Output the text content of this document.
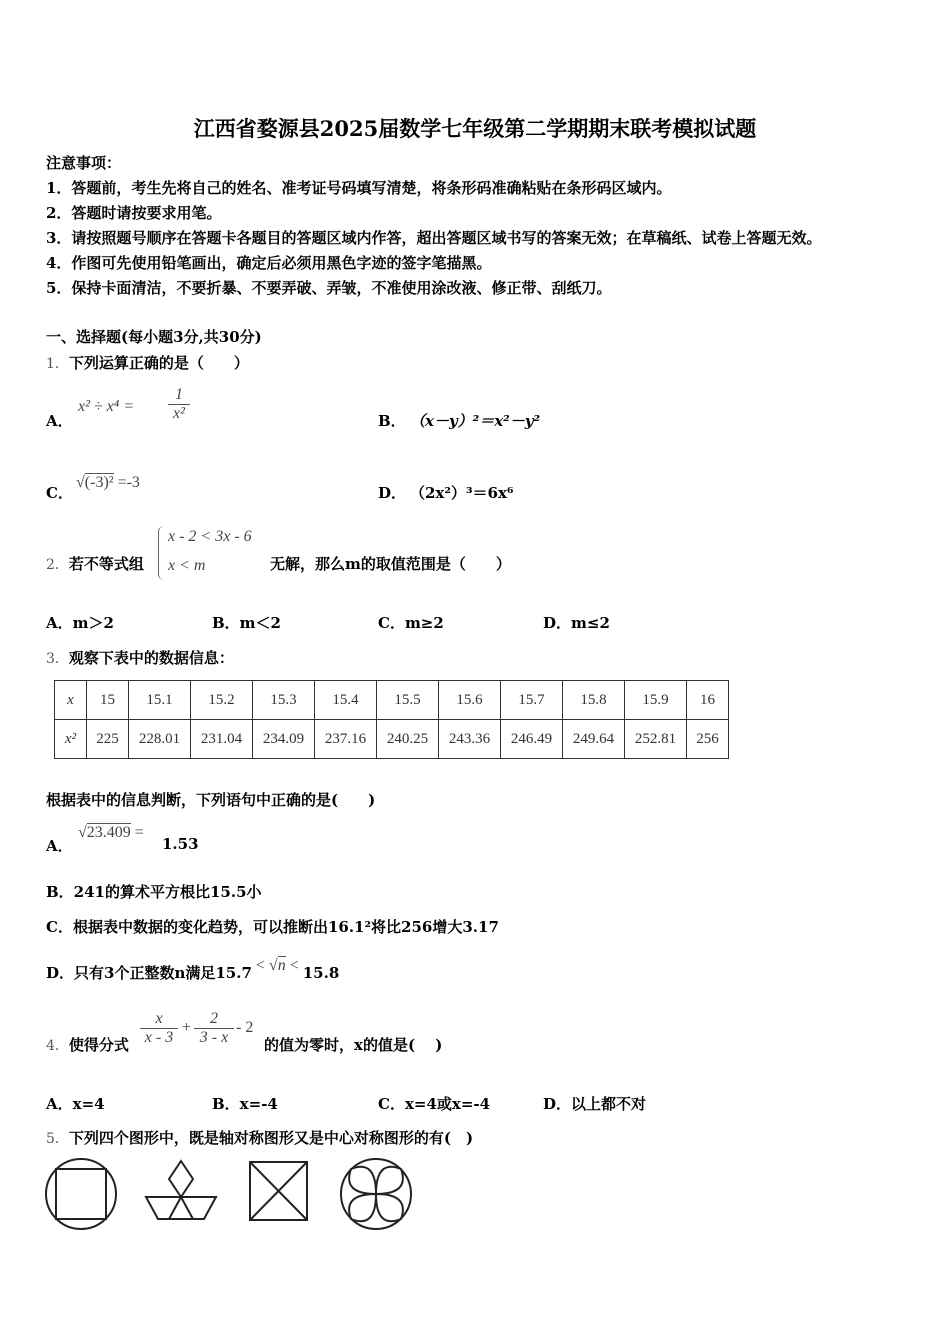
江西省婺源县2025届数学七年级第二学期期末联考模拟试题
注意事项：
1．答题前，考生先将自己的姓名、准考证号码填写清楚，将条形码准确粘贴在条形码区域内。
2．答题时请按要求用笔。
3．请按照题号顺序在答题卡各题目的答题区域内作答，超出答题区域书写的答案无效；在草稿纸、试卷上答题无效。
4．作图可先使用铅笔画出，确定后必须用黑色字迹的签字笔描黑。
5．保持卡面清洁，不要折暴、不要弄破、弄皱，不准使用涂改液、修正带、刮纸刀。
一、选择题(每小题3分,共30分)
1．下列运算正确的是（　　）
A．
$x^2 \div x^4 = \frac{1}{\text{x²}}$	B． （x－y）²＝x²－y²
C．
√(-3)² =-3
D． （2x²）³＝6x⁶
2．若不等式组
x - 2 < 3x - 6
x < m	无解，那么m的取值范围是（　　）
A．m＞2	B．m＜2	C．m≥2	D．m≤2
3．观察下表中的数据信息：
x	15	15.1	15.2	15.3	15.4	15.5	15.6	15.7	15.8	15.9	16
x²	225	228.01	231.04	234.09	237.16	240.25	243.36	246.49	249.64	252.81	256
根据表中的信息判断，下列语句中正确的是(　　)
A．
√23.409 =
1.53
B．241的算术平方根比15.5小
C．根据表中数据的变化趋势，可以推断出16.1²将比256增大3.17
D．只有3个正整数n满足15.7 < √n < 15.8
4．使得分式 $\frac{x}{x - 3} + \frac{2}{3 - x} - 2$
的值为零时，x的值是(　 )
A．x=4	B．x=-4	C．x=4或x=-4	D．以上都不对
5．下列四个图形中，既是轴对称图形又是中心对称图形的有(　)
